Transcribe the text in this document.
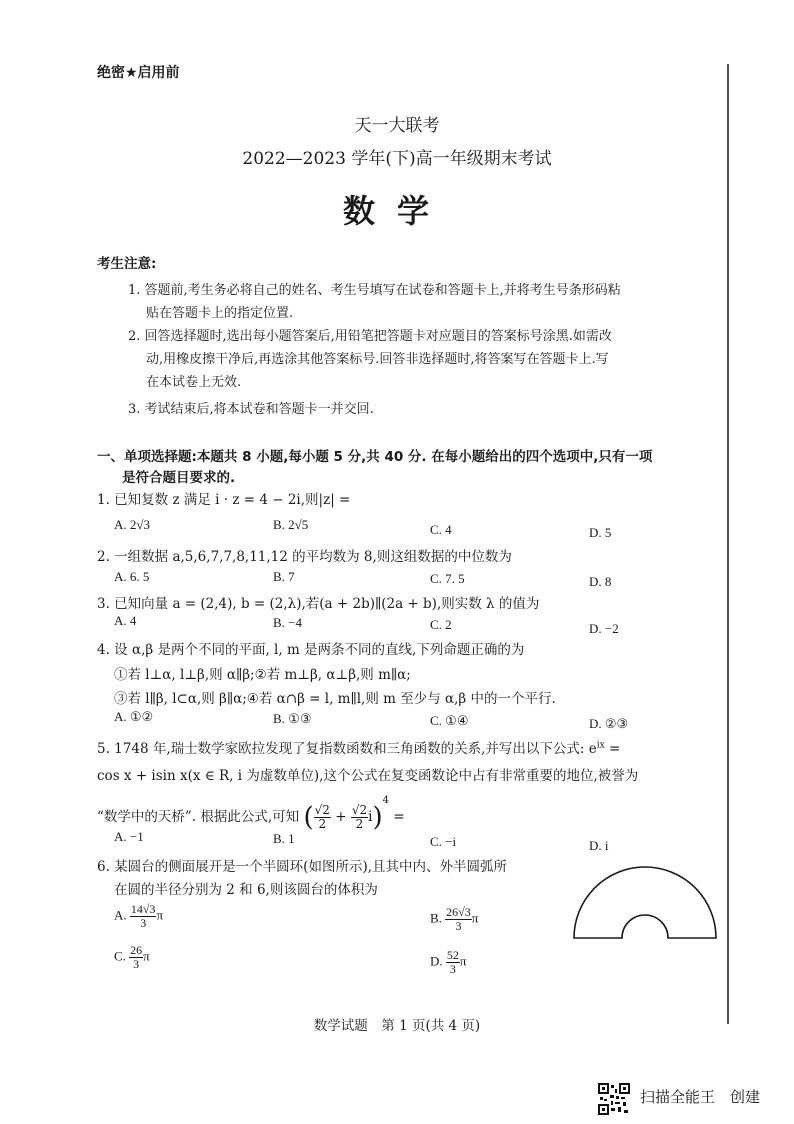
绝密★启用前
天一大联考
2022—2023 学年(下)高一年级期末考试
数学
考生注意:
1. 答题前,考生务必将自己的姓名、考生号填写在试卷和答题卡上,并将考生号条形码粘
贴在答题卡上的指定位置.
2. 回答选择题时,选出每小题答案后,用铅笔把答题卡对应题目的答案标号涂黑.如需改
动,用橡皮擦干净后,再选涂其他答案标号.回答非选择题时,将答案写在答题卡上.写
在本试卷上无效.
3. 考试结束后,将本试卷和答题卡一并交回.
一、单项选择题:本题共 8 小题,每小题 5 分,共 40 分. 在每小题给出的四个选项中,只有一项
是符合题目要求的.
1. 已知复数 z 满足 i · z = 4 − 2i,则|z| =
A. 2√3	B. 2√5	C. 4	D. 5
2. 一组数据 a,5,6,7,7,8,11,12 的平均数为 8,则这组数据的中位数为
A. 6. 5	B. 7	C. 7. 5	D. 8
3. 已知向量 a = (2,4), b = (2,λ),若(a + 2b)∥(2a + b),则实数 λ 的值为
A. 4	B. −4	C. 2	D. −2
4. 设 α,β 是两个不同的平面, l, m 是两条不同的直线,下列命题正确的为
①若 l⊥α, l⊥β,则 α∥β;②若 m⊥β, α⊥β,则 m∥α;
③若 l∥β, l⊂α,则 β∥α;④若 α∩β = l, m∥l,则 m 至少与 α,β 中的一个平行.
A. ①②	B. ①③	C. ①④	D. ②③
5. 1748 年,瑞士数学家欧拉发现了复指数函数和三角函数的关系,并写出以下公式: $e^{ix}$ =
cos x + isin x(x ∈ R, i 为虚数单位),这个公式在复变函数论中占有非常重要的地位,被誉为
“数学中的天桥”. 根据此公式,可知 ( $\frac{√2}{2} + \frac{√2}{2} i)^4$ =
A. −1	B. 1	C. −i	D. i
6. 某圆台的侧面展开是一个半圆环(如图所示),且其中内、外半圆弧所
在圆的半径分别为 2 和 6,则该圆台的体积为
A. $\frac{14√3}{3}$ π	B. $\frac{26√3}{3}$ π
C. $\frac{26}{3}$ π	D. $\frac{52}{3}$ π
数学试题　第 1 页(共 4 页)
扫描全能王　创建
